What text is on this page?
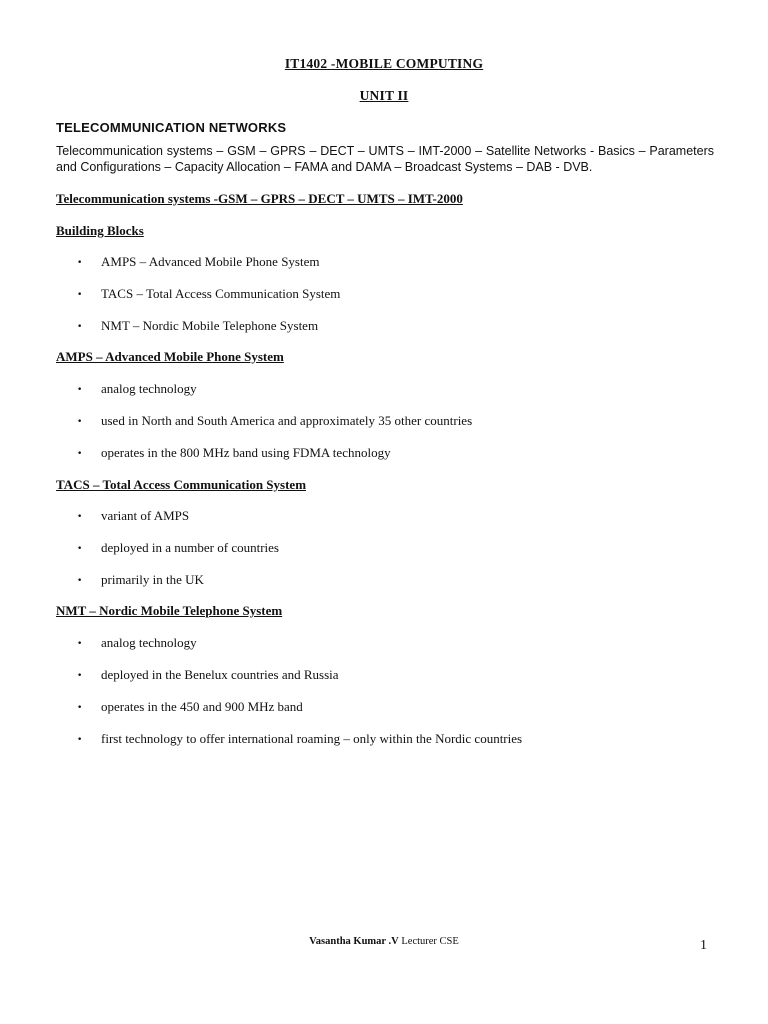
IT1402 -MOBILE COMPUTING
UNIT II
TELECOMMUNICATION NETWORKS
Telecommunication systems – GSM – GPRS – DECT – UMTS – IMT-2000 – Satellite Networks - Basics – Parameters and Configurations – Capacity Allocation – FAMA and DAMA – Broadcast Systems – DAB - DVB.
Telecommunication systems -GSM – GPRS – DECT – UMTS – IMT-2000
Building Blocks
•	AMPS – Advanced Mobile Phone System
•	TACS – Total Access Communication System
•	NMT – Nordic Mobile Telephone System
AMPS – Advanced Mobile Phone System
•	analog technology
•	used in North and South America and approximately 35 other countries
•	operates in the 800 MHz band using FDMA technology
TACS – Total Access Communication System
•	variant of AMPS
•	deployed in a number of countries
•	primarily in the UK
NMT – Nordic Mobile Telephone System
•	analog technology
•	deployed in the Benelux countries and Russia
•	operates in the 450 and 900 MHz band
•	first technology to offer international roaming – only within the Nordic countries
Vasantha Kumar .V Lecturer CSE	1
